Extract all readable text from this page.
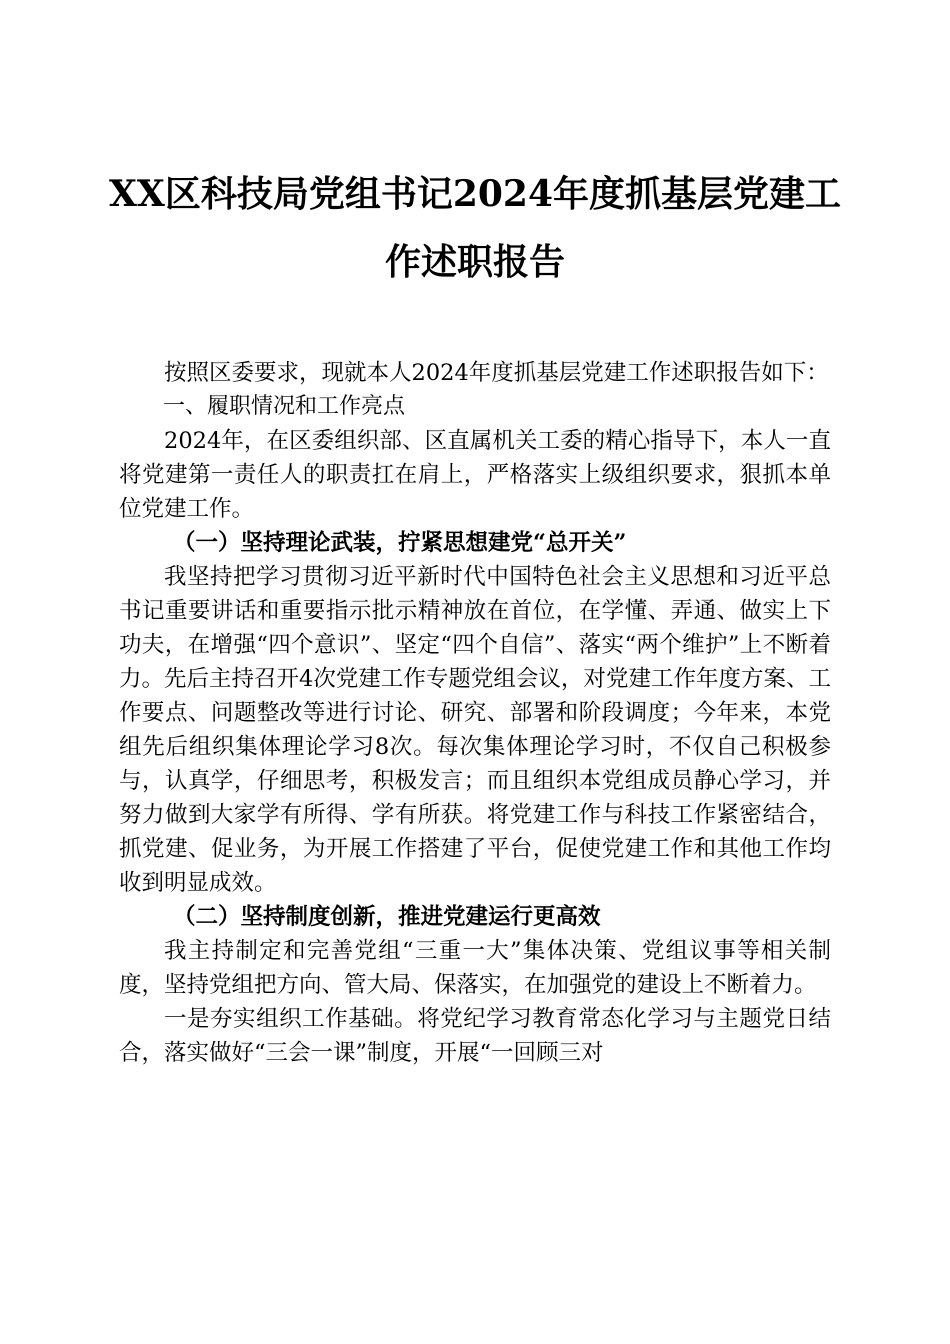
XX区科技局党组书记2024年度抓基层党建工
作述职报告

按照区委要求，现就本人2024年度抓基层党建工作述职报告如下：

一、履职情况和工作亮点

2024年，在区委组织部、区直属机关工委的精心指导下，本人一直将党建第一责任人的职责扛在肩上，严格落实上级组织要求，狠抓本单位党建工作。

（一）坚持理论武装，拧紧思想建党“总开关”

我坚持把学习贯彻习近平新时代中国特色社会主义思想和习近平总书记重要讲话和重要指示批示精神放在首位，在学懂、弄通、做实上下功夫，在增强“四个意识”、坚定“四个自信”、落实“两个维护”上不断着力。先后主持召开4次党建工作专题党组会议，对党建工作年度方案、工作要点、问题整改等进行讨论、研究、部署和阶段调度；今年来，本党组先后组织集体理论学习8次。每次集体理论学习时，不仅自己积极参与，认真学，仔细思考，积极发言；而且组织本党组成员静心学习，并努力做到大家学有所得、学有所获。将党建工作与科技工作紧密结合，抓党建、促业务，为开展工作搭建了平台，促使党建工作和其他工作均收到明显成效。

（二）坚持制度创新，推进党建运行更高效

我主持制定和完善党组“三重一大”集体决策、党组议事等相关制度，坚持党组把方向、管大局、保落实，在加强党的建设上不断着力。

一是夯实组织工作基础。将党纪学习教育常态化学习与主题党日结合，落实做好“三会一课”制度，开展“一回顾三对
